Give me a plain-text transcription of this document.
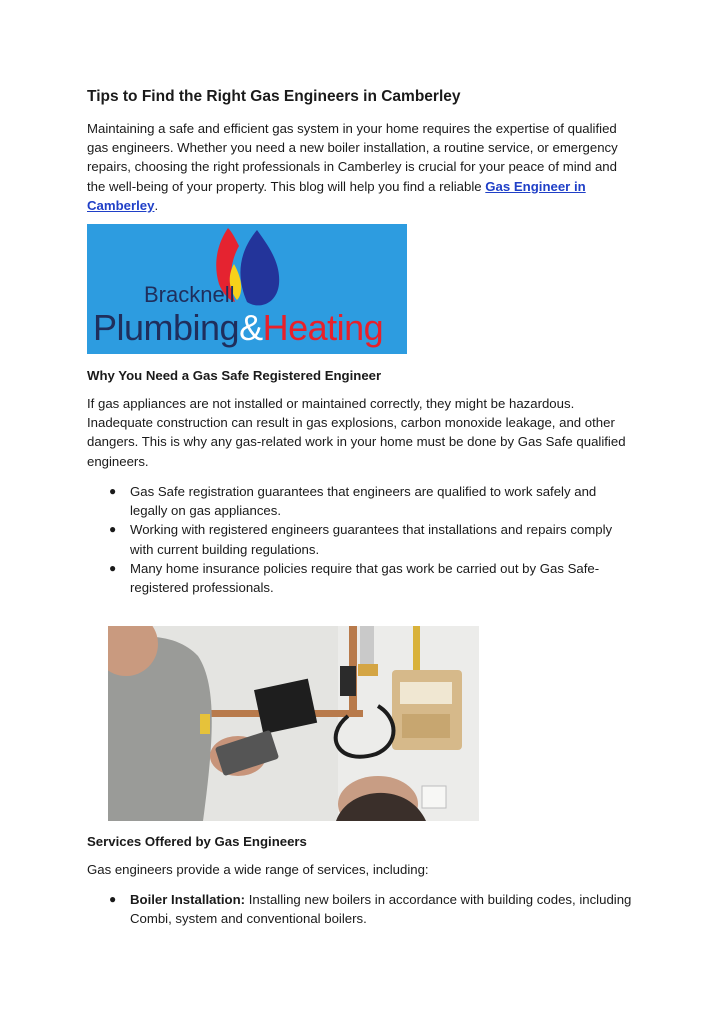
Tips to Find the Right Gas Engineers in Camberley

Maintaining a safe and efficient gas system in your home requires the expertise of qualified gas engineers. Whether you need a new boiler installation, a routine service, or emergency repairs, choosing the right professionals in Camberley is crucial for your peace of mind and the well-being of your property. This blog will help you find a reliable Gas Engineer in Camberley.

Bracknell
Plumbing&Heating
Why You Need a Gas Safe Registered Engineer

If gas appliances are not installed or maintained correctly, they might be hazardous. Inadequate construction can result in gas explosions, carbon monoxide leakage, and other dangers. This is why any gas-related work in your home must be done by Gas Safe qualified engineers.

● Gas Safe registration guarantees that engineers are qualified to work safely and legally on gas appliances.
● Working with registered engineers guarantees that installations and repairs comply with current building regulations.
● Many home insurance policies require that gas work be carried out by Gas Safe-registered professionals.
Services Offered by Gas Engineers

Gas engineers provide a wide range of services, including:

● Boiler Installation: Installing new boilers in accordance with building codes, including Combi, system and conventional boilers.
